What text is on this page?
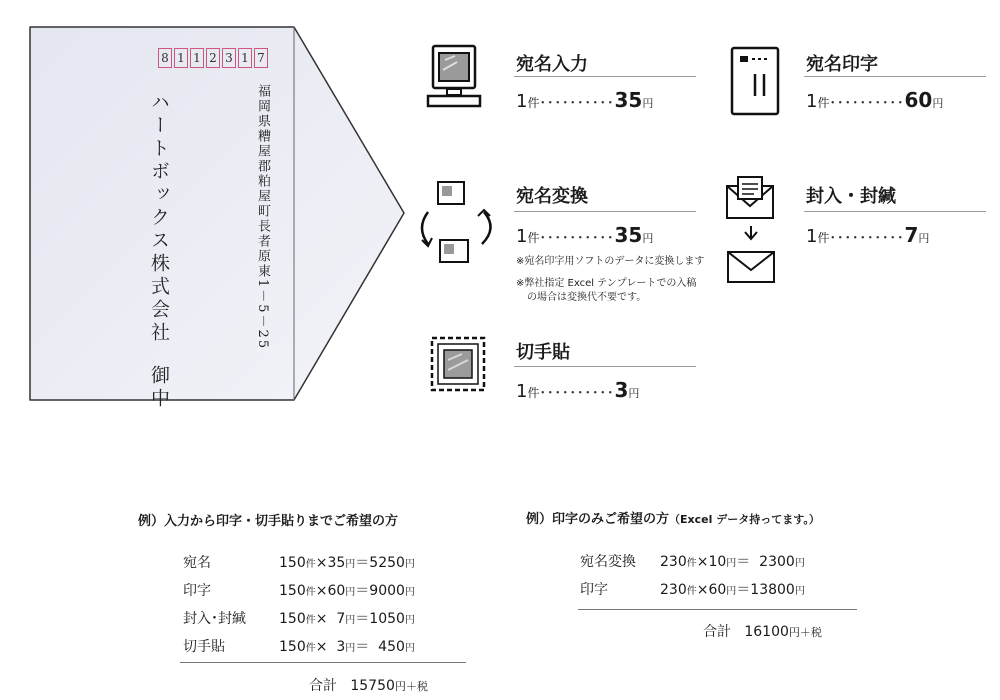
8 1 1 2 3 1 7
福岡県糟屋郡粕屋町長者原東1－5－25
ハートボックス株式会社御中
宛名入力
1件･･････････35円
宛名印字
1件･･････････60円
宛名変換
1件･･････････35円
※宛名印字用ソフトのデータに変換します
※弊社指定 Excel テンプレートでの入稿
の場合は変換代不要です。
封入・封緘
1件･･････････7円
切手貼
1件･･････････3円
例）入力から印字・切手貼りまでご希望の方
宛名	150件×35円＝5250円
印字	150件×60円＝9000円
封入･封緘 150件×  7円＝1050円
切手貼	150件×  3円＝  450円
合計 15750円＋税
例）印字のみご希望の方（Excel データ持ってます。）
宛名変換 230件×10円＝  2300円
印字	230件×60円＝13800円
合計 16100円＋税
